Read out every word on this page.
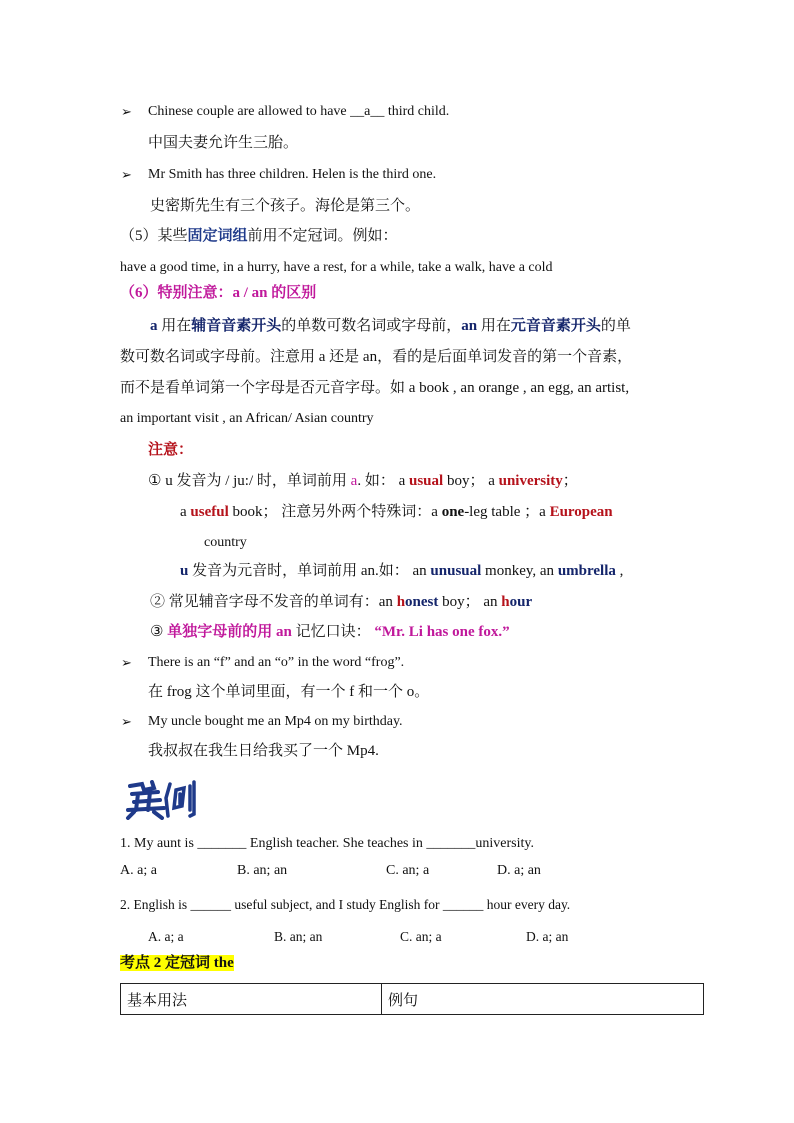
➢ Chinese couple are allowed to have __a__ third child.
中国夫妻允许生三胎。
➢ Mr Smith has three children. Helen is the third one.
史密斯先生有三个孩子。海伦是第三个。
（5）某些固定词组前用不定冠词。例如：
have a good time, in a hurry, have a rest, for a while, take a walk, have a cold
（6）特别注意：a / an 的区别
a 用在辅音音素开头的单数可数名词或字母前，an 用在元音音素开头的单
数可数名词或字母前。注意用 a 还是 an，看的是后面单词发音的第一个音素，
而不是看单词第一个字母是否元音字母。如 a book , an orange , an egg, an artist,
an important visit , an African/ Asian country
注意：
① u 发音为 / ju:/ 时，单词前用 a. 如： a usual boy； a university；
a useful book； 注意另外两个特殊词：a one-leg table ；a European
country
u 发音为元音时，单词前用 an.如： an unusual monkey, an umbrella ,
② 常见辅音字母不发音的单词有：an honest boy； an hour
③ 单独字母前的用 an 记忆口诀： “Mr. Li has one fox.”
➢ There is an “f” and an “o” in the word “frog”.
在 frog 这个单词里面，有一个 f 和一个 o。
➢ My uncle bought me an Mp4 on my birthday.
我叔叔在我生日给我买了一个 Mp4.
1. My aunt is _______ English teacher. She teaches in _______university.
A. a; a	B. an; an	C. an; a	D. a; an
2. English is ______ useful subject, and I study English for ______ hour every day.
A. a; a	B. an; an	C. an; a	D. a; an
考点 2 定冠词 the
基本用法	例句
